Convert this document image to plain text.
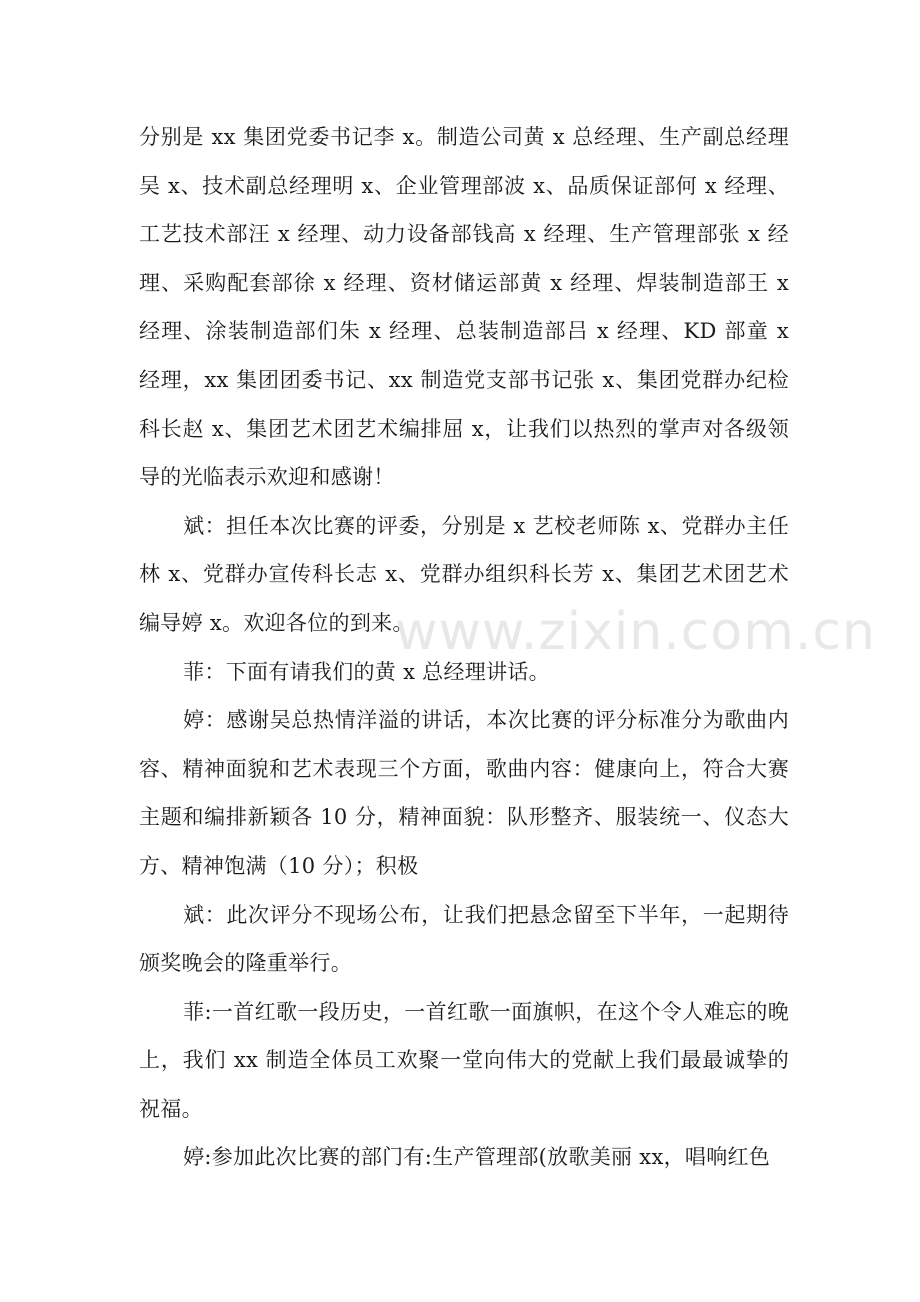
分别是 xx 集团党委书记李 x。制造公司黄 x 总经理、生产副总经理吴 x、技术副总经理明 x、企业管理部波 x、品质保证部何 x 经理、工艺技术部汪 x 经理、动力设备部钱高 x 经理、生产管理部张 x 经理、采购配套部徐 x 经理、资材储运部黄 x 经理、焊装制造部王 x 经理、涂装制造部们朱 x 经理、总装制造部吕 x 经理、KD 部童 x 经理，xx 集团团委书记、xx 制造党支部书记张 x、集团党群办纪检科长赵 x、集团艺术团艺术编排屈 x，让我们以热烈的掌声对各级领导的光临表示欢迎和感谢！

斌：担任本次比赛的评委，分别是 x 艺校老师陈 x、党群办主任林 x、党群办宣传科长志 x、党群办组织科长芳 x、集团艺术团艺术编导婷 x。欢迎各位的到来。

菲：下面有请我们的黄 x 总经理讲话。

婷：感谢吴总热情洋溢的讲话，本次比赛的评分标准分为歌曲内容、精神面貌和艺术表现三个方面，歌曲内容：健康向上，符合大赛主题和编排新颖各 10 分，精神面貌：队形整齐、服装统一、仪态大方、精神饱满（10 分）；积极

斌：此次评分不现场公布，让我们把悬念留至下半年，一起期待颁奖晚会的隆重举行。

菲:一首红歌一段历史，一首红歌一面旗帜，在这个令人难忘的晚上，我们 xx 制造全体员工欢聚一堂向伟大的党献上我们最最诚挚的祝福。

婷:参加此次比赛的部门有:生产管理部(放歌美丽 xx，唱响红色

www.zixin.com.cn
